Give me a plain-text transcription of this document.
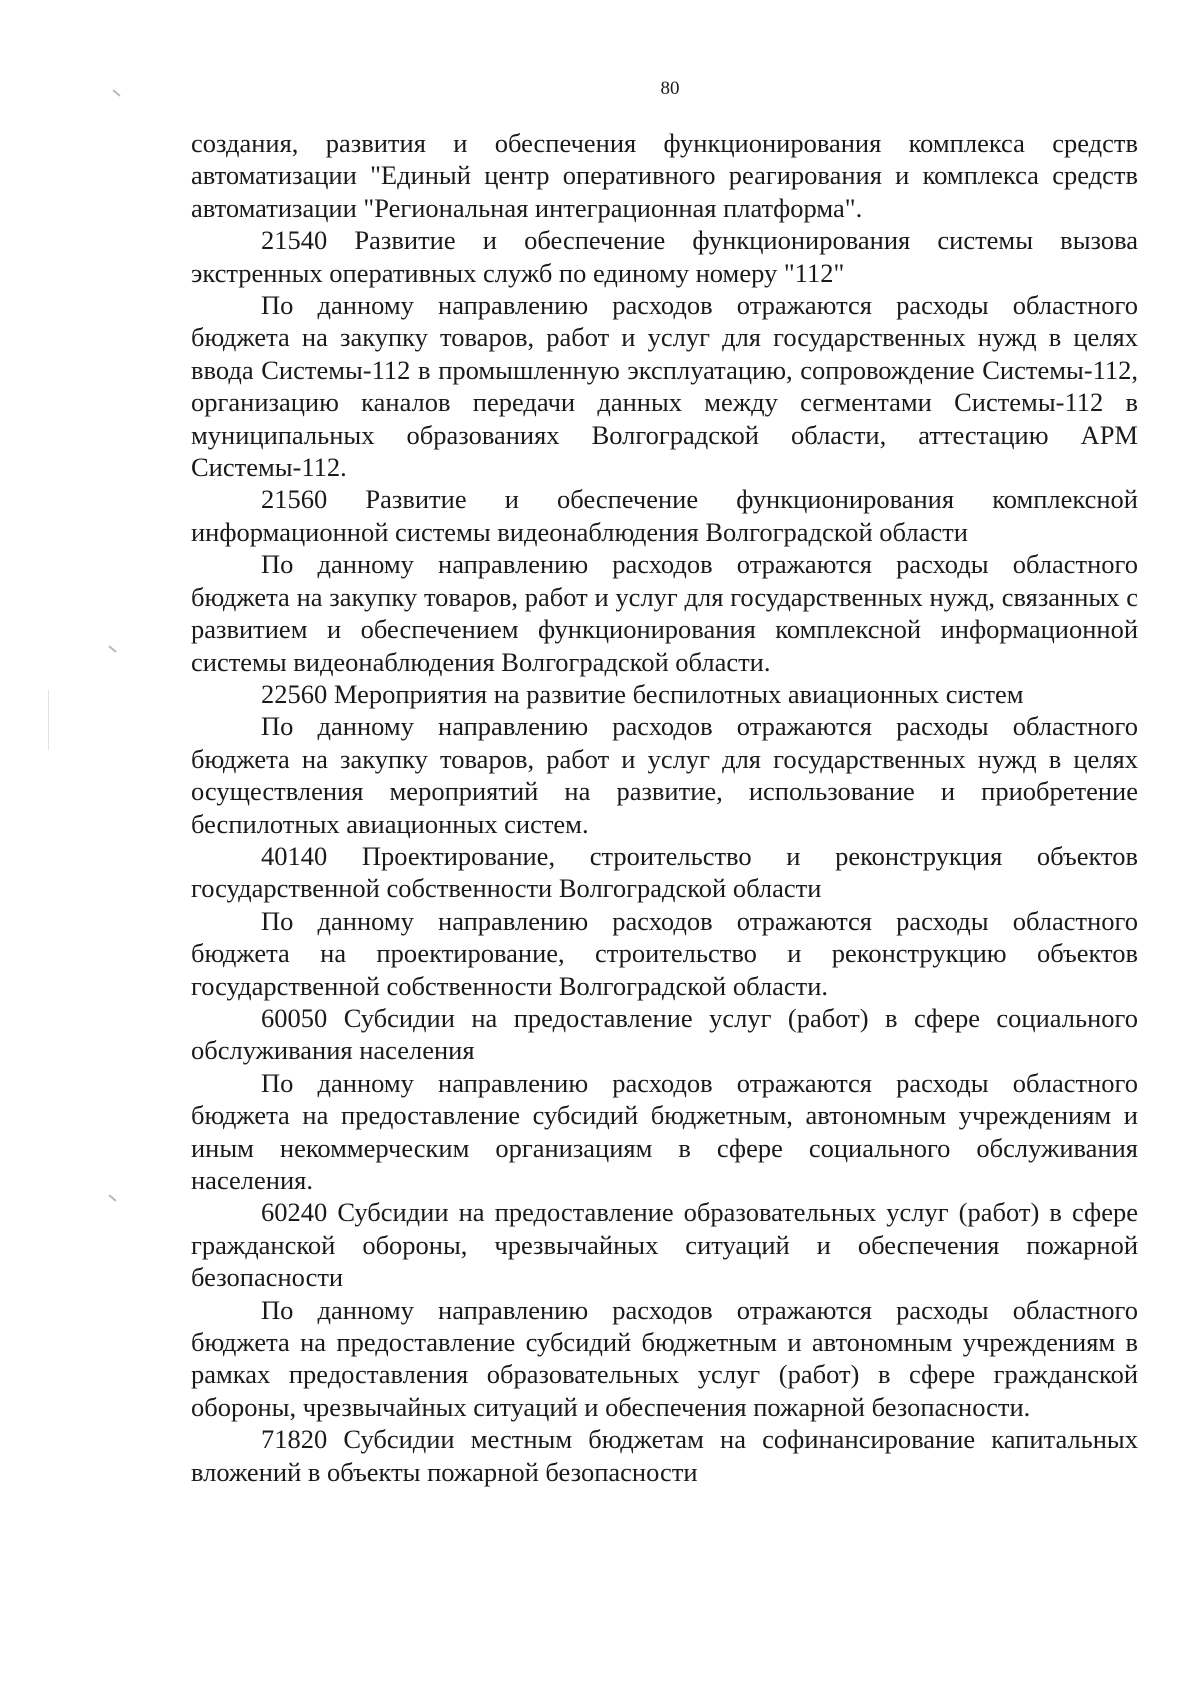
80

создания, развития и обеспечения функционирования комплекса средств автоматизации "Единый центр оперативного реагирования и комплекса средств автоматизации "Региональная интеграционная платформа".

21540 Развитие и обеспечение функционирования системы вызова экстренных оперативных служб по единому номеру "112"

По данному направлению расходов отражаются расходы областного бюджета на закупку товаров, работ и услуг для государственных нужд в целях ввода Системы-112 в промышленную эксплуатацию, сопровождение Системы-112, организацию каналов передачи данных между сегментами Системы-112 в муниципальных образованиях Волгоградской области, аттестацию АРМ Системы-112.

21560 Развитие и обеспечение функционирования комплексной информационной системы видеонаблюдения Волгоградской области

По данному направлению расходов отражаются расходы областного бюджета на закупку товаров, работ и услуг для государственных нужд, связанных с развитием и обеспечением функционирования комплексной информационной системы видеонаблюдения Волгоградской области.

22560 Мероприятия на развитие беспилотных авиационных систем

По данному направлению расходов отражаются расходы областного бюджета на закупку товаров, работ и услуг для государственных нужд в целях осуществления мероприятий на развитие, использование и приобретение беспилотных авиационных систем.

40140 Проектирование, строительство и реконструкция объектов государственной собственности Волгоградской области

По данному направлению расходов отражаются расходы областного бюджета на проектирование, строительство и реконструкцию объектов государственной собственности Волгоградской области.

60050 Субсидии на предоставление услуг (работ) в сфере социального обслуживания населения

По данному направлению расходов отражаются расходы областного бюджета на предоставление субсидий бюджетным, автономным учреждениям и иным некоммерческим организациям в сфере социального обслуживания населения.

60240 Субсидии на предоставление образовательных услуг (работ) в сфере гражданской обороны, чрезвычайных ситуаций и обеспечения пожарной безопасности

По данному направлению расходов отражаются расходы областного бюджета на предоставление субсидий бюджетным и автономным учреждениям в рамках предоставления образовательных услуг (работ) в сфере гражданской обороны, чрезвычайных ситуаций и обеспечения пожарной безопасности.

71820 Субсидии местным бюджетам на софинансирование капитальных вложений в объекты пожарной безопасности
